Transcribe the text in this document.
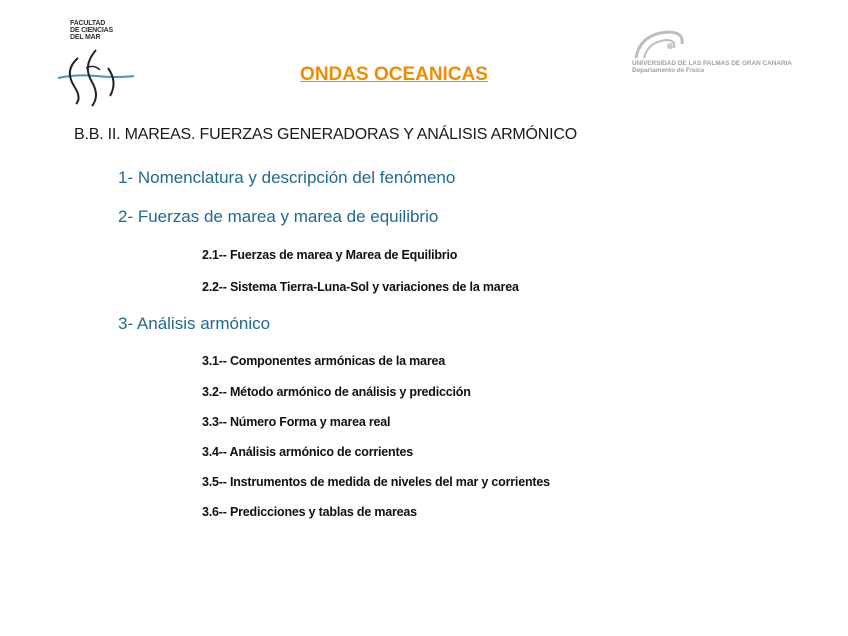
FACULTAD
DE CIENCIAS
DEL MAR
UNIVERSIDAD DE LAS PALMAS DE GRAN CANARIA
Departamento de Física
ONDAS OCEANICAS
B.B. II. MAREAS. FUERZAS GENERADORAS Y ANÁLISIS ARMÓNICO
1- Nomenclatura y descripción del fenómeno
2- Fuerzas de marea y marea de equilibrio
2.1-- Fuerzas de marea y Marea de Equilibrio
2.2-- Sistema Tierra-Luna-Sol y variaciones de la marea
3- Análisis armónico
3.1-- Componentes armónicas de la marea
3.2-- Método armónico de análisis y predicción
3.3-- Número Forma y marea real
3.4-- Análisis armónico de corrientes
3.5-- Instrumentos de medida de niveles del mar y corrientes
3.6-- Predicciones y tablas de mareas
